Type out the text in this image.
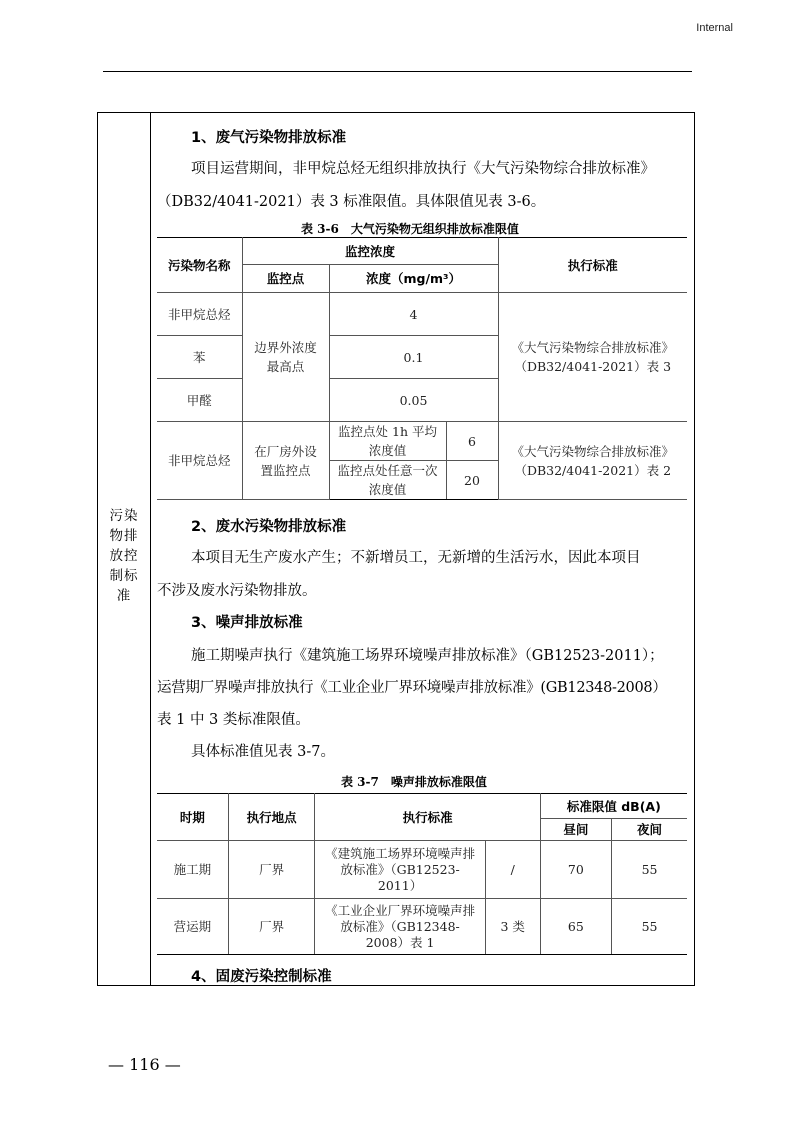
Internal
污染物排放控制标准
1、废气污染物排放标准
项目运营期间，非甲烷总烃无组织排放执行《大气污染物综合排放标准》
（DB32/4041-2021）表 3 标准限值。具体限值见表 3-6。
表 3-6　大气污染物无组织排放标准限值
污染物名称	监控浓度			执行标准
	监控点	浓度（mg/m³）		
非甲烷总烃	边界外浓度最高点	4		《大气污染物综合排放标准》（DB32/4041-2021）表 3

苯		0.1		
甲醛		0.05		
非甲烷总烃	在厂房外设置监控点	监控点处 1h 平均浓度值	6	《大气污染物综合排放标准》（DB32/4041-2021）表 2

		监控点处任意一次浓度值	20	
2、废水污染物排放标准
本项目无生产废水产生；不新增员工，无新增的生活污水，因此本项目
不涉及废水污染物排放。
3、噪声排放标准
施工期噪声执行《建筑施工场界环境噪声排放标准》（GB12523-2011）；
运营期厂界噪声排放执行《工业企业厂界环境噪声排放标准》(GB12348-2008）
表 1 中 3 类标准限值。
具体标准值见表 3-7。
表 3-7　噪声排放标准限值
时期	执行地点	执行标准		标准限值 dB(A)	
				昼间	夜间
施工期	厂界	《建筑施工场界环境噪声排放标准》（GB12523-2011）	/	70	55
营运期	厂界	《工业企业厂界环境噪声排放标准》（GB12348-2008）表 1	3 类	65	55
4、固废污染控制标准
— 116 —
